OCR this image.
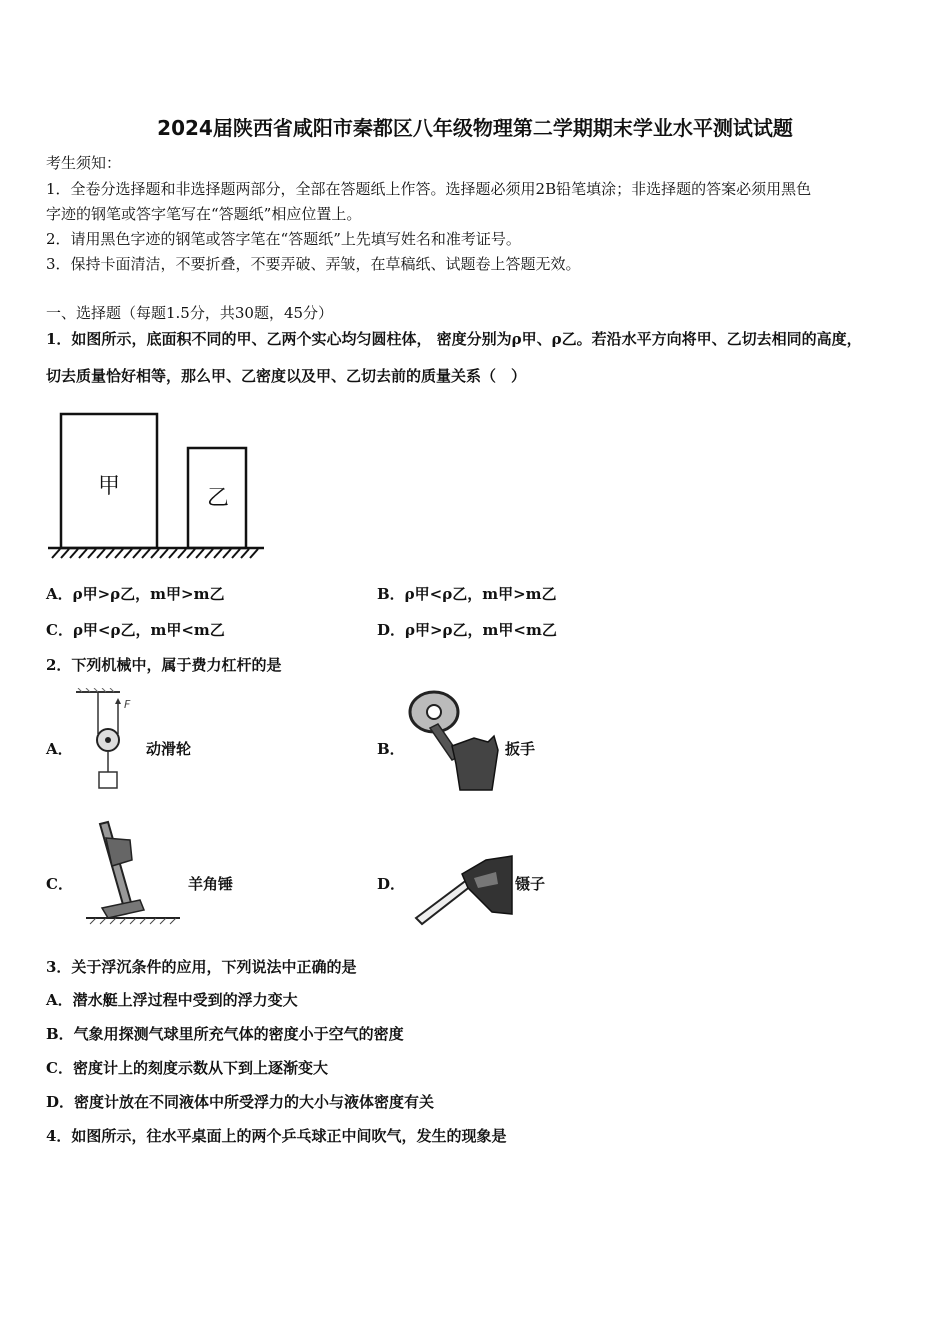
2024届陕西省咸阳市秦都区八年级物理第二学期期末学业水平测试试题
考生须知：
1．全卷分选择题和非选择题两部分，全部在答题纸上作答。选择题必须用2B铅笔填涂；非选择题的答案必须用黑色
字迹的钢笔或答字笔写在“答题纸”相应位置上。
2．请用黑色字迹的钢笔或答字笔在“答题纸”上先填写姓名和准考证号。
3．保持卡面清洁，不要折叠，不要弄破、弄皱，在草稿纸、试题卷上答题无效。
一、选择题（每题1.5分，共30题，45分）
1．如图所示，底面积不同的甲、乙两个实心均匀圆柱体， 密度分别为ρ甲、ρ乙。若沿水平方向将甲、乙切去相同的高度，
切去质量恰好相等，那么甲、乙密度以及甲、乙切去前的质量关系（　）
甲	乙
A．ρ甲>ρ乙，m甲>m乙	B．ρ甲<ρ乙，m甲>m乙
C．ρ甲<ρ乙，m甲<m乙	D．ρ甲>ρ乙，m甲<m乙
2．下列机械中，属于费力杠杆的是
A．
F
动滑轮	B．	扳手
C．	羊角锤	D．	镊子
3．关于浮沉条件的应用，下列说法中正确的是
A．潜水艇上浮过程中受到的浮力变大
B．气象用探测气球里所充气体的密度小于空气的密度
C．密度计上的刻度示数从下到上逐渐变大
D．密度计放在不同液体中所受浮力的大小与液体密度有关
4．如图所示，往水平桌面上的两个乒乓球正中间吹气，发生的现象是
